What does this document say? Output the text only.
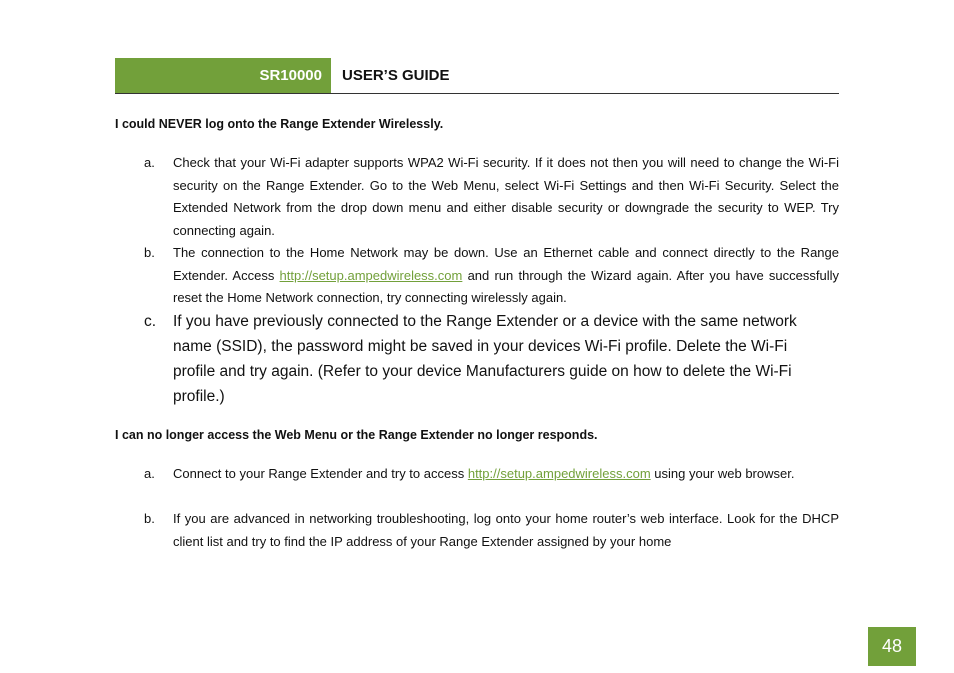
SR10000 USER’S GUIDE
I could NEVER log onto the Range Extender Wirelessly.
a.	Check that your Wi-Fi adapter supports WPA2 Wi-Fi security. If it does not then you will need to change the Wi-Fi security on the Range Extender. Go to the Web Menu, select Wi-Fi Settings and then Wi-Fi Security. Select the Extended Network from the drop down menu and either disable security or downgrade the security to WEP. Try connecting again.
b.	The connection to the Home Network may be down. Use an Ethernet cable and connect directly to the Range Extender. Access http://setup.ampedwireless.com and run through the Wizard again. After you have successfully reset the Home Network connection, try connecting wirelessly again.
c.	If you have previously connected to the Range Extender or a device with the same network name (SSID), the password might be saved in your devices Wi-Fi profile. Delete the Wi-Fi profile and try again. (Refer to your device Manufacturers guide on how to delete the Wi-Fi profile.)
I can no longer access the Web Menu or the Range Extender no longer responds.
a.	Connect to your Range Extender and try to access http://setup.ampedwireless.com using your web browser.
b.	If you are advanced in networking troubleshooting, log onto your home router’s web interface. Look for the DHCP client list and try to find the IP address of your Range Extender assigned by your home
48
